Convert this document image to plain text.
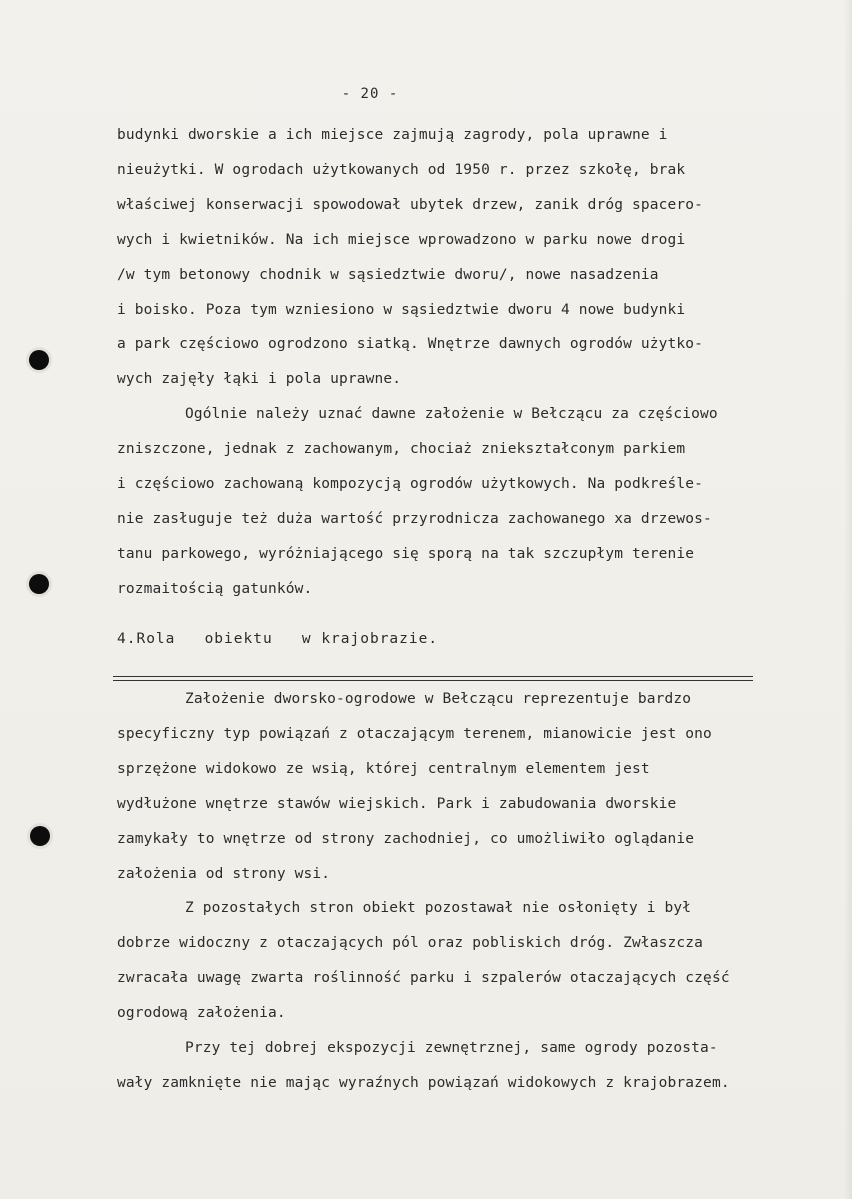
- 20 -
budynki dworskie a ich miejsce zajmują zagrody, pola uprawne i
nieużytki. W ogrodach użytkowanych od 1950 r. przez szkołę, brak
właściwej konserwacji spowodował ubytek drzew, zanik dróg spacero-
wych i kwietników. Na ich miejsce wprowadzono w parku nowe drogi
/w tym betonowy chodnik w sąsiedztwie dworu/, nowe nasadzenia
i boisko. Poza tym wzniesiono w sąsiedztwie dworu 4 nowe budynki
a park częściowo ogrodzono siatką. Wnętrze dawnych ogrodów użytko-
wych zajęły łąki i pola uprawne.
Ogólnie należy uznać dawne założenie w Bełczącu za częściowo
zniszczone, jednak z zachowanym, chociaż zniekształconym parkiem
i częściowo zachowaną kompozycją ogrodów użytkowych. Na podkreśle-
nie zasługuje też duża wartość przyrodnicza zachowanego xa drzewos-
tanu parkowego, wyróżniającego się sporą na tak szczupłym terenie
rozmaitością gatunków.
4.Rola   obiektu   w krajobrazie.
Założenie dworsko-ogrodowe w Bełczącu reprezentuje bardzo
specyficzny typ powiązań z otaczającym terenem, mianowicie jest ono
sprzężone widokowo ze wsią, której centralnym elementem jest
wydłużone wnętrze stawów wiejskich. Park i zabudowania dworskie
zamykały to wnętrze od strony zachodniej, co umożliwiło oglądanie
założenia od strony wsi.
Z pozostałych stron obiekt pozostawał nie osłonięty i był
dobrze widoczny z otaczających pól oraz pobliskich dróg. Zwłaszcza
zwracała uwagę zwarta roślinność parku i szpalerów otaczających część
ogrodową założenia.
Przy tej dobrej ekspozycji zewnętrznej, same ogrody pozosta-
wały zamknięte nie mając wyraźnych powiązań widokowych z krajobrazem.
